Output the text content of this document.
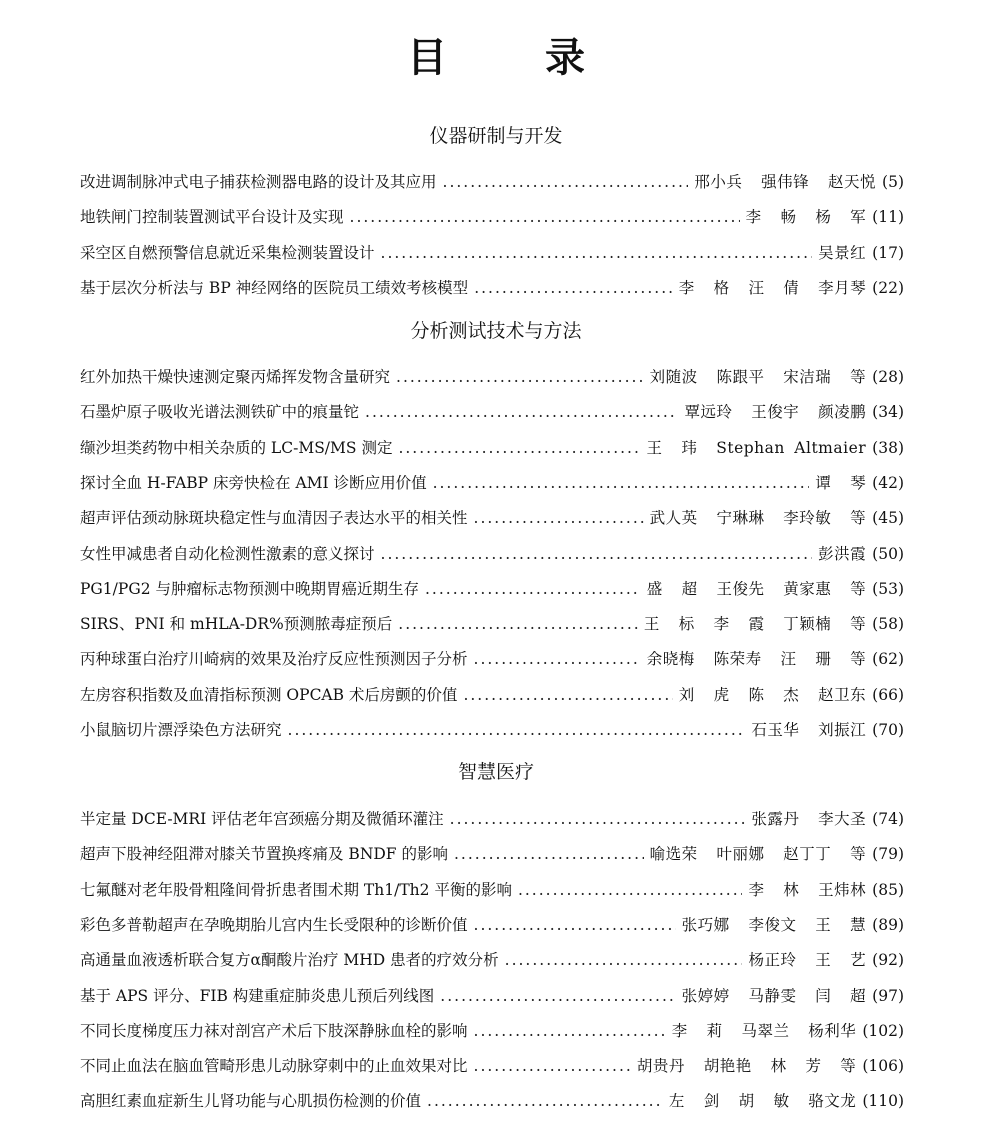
目 录
仪器研制与开发
改进调制脉冲式电子捕获检测器电路的设计及其应用 .....	邢小兵  强伟锋  赵天悦 (5)
地铁闸门控制装置测试平台设计及实现 .....	李  畅  杨  军 (11)
采空区自燃预警信息就近采集检测装置设计 .....	吴景红 (17)
基于层次分析法与 BP 神经网络的医院员工绩效考核模型 .....	李  格  汪  倩  李月琴 (22)
分析测试技术与方法
红外加热干燥快速测定聚丙烯挥发物含量研究 .....	刘随波  陈跟平  宋洁瑞  等 (28)
石墨炉原子吸收光谱法测铁矿中的痕量铊 .....	覃远玲  王俊宇  颜凌鹏 (34)
缬沙坦类药物中相关杂质的 LC-MS/MS 测定 .....	王  玮  Stephan Altmaier (38)
探讨全血 H-FABP 床旁快检在 AMI 诊断应用价值 .....	谭  琴 (42)
超声评估颈动脉斑块稳定性与血清因子表达水平的相关性 .....	武人英  宁琳琳  李玲敏  等 (45)
女性甲减患者自动化检测性激素的意义探讨 .....	彭洪霞 (50)
PG1/PG2 与肿瘤标志物预测中晚期胃癌近期生存 .....	盛  超  王俊先  黄家惠  等 (53)
SIRS、PNI 和 mHLA-DR%预测脓毒症预后 .....	王  标  李  霞  丁颖楠  等 (58)
丙种球蛋白治疗川崎病的效果及治疗反应性预测因子分析 .....	余晓梅  陈荣寿  汪  珊  等 (62)
左房容积指数及血清指标预测 OPCAB 术后房颤的价值 .....	刘  虎  陈  杰  赵卫东 (66)
小鼠脑切片漂浮染色方法研究 .....	石玉华  刘振江 (70)
智慧医疗
半定量 DCE-MRI 评估老年宫颈癌分期及微循环灌注 .....	张露丹  李大圣 (74)
超声下股神经阻滞对膝关节置换疼痛及 BNDF 的影响 .....	喻选荣  叶丽娜  赵丁丁  等 (79)
七氟醚对老年股骨粗隆间骨折患者围术期 Th1/Th2 平衡的影响 .....	李  林  王炜林 (85)
彩色多普勒超声在孕晚期胎儿宫内生长受限种的诊断价值 .....	张巧娜  李俊文  王  慧 (89)
高通量血液透析联合复方α酮酸片治疗 MHD 患者的疗效分析 .....	杨正玲  王  艺 (92)
基于 APS 评分、FIB 构建重症肺炎患儿预后列线图 .....	张婷婷  马静雯  闫  超 (97)
不同长度梯度压力袜对剖宫产术后下肢深静脉血栓的影响 .....	李  莉  马翠兰  杨利华 (102)
不同止血法在脑血管畸形患儿动脉穿刺中的止血效果对比 .....	胡贵丹  胡艳艳  林  芳  等 (106)
高胆红素血症新生儿肾功能与心肌损伤检测的价值 .....	左  剑  胡  敏  骆文龙 (110)
